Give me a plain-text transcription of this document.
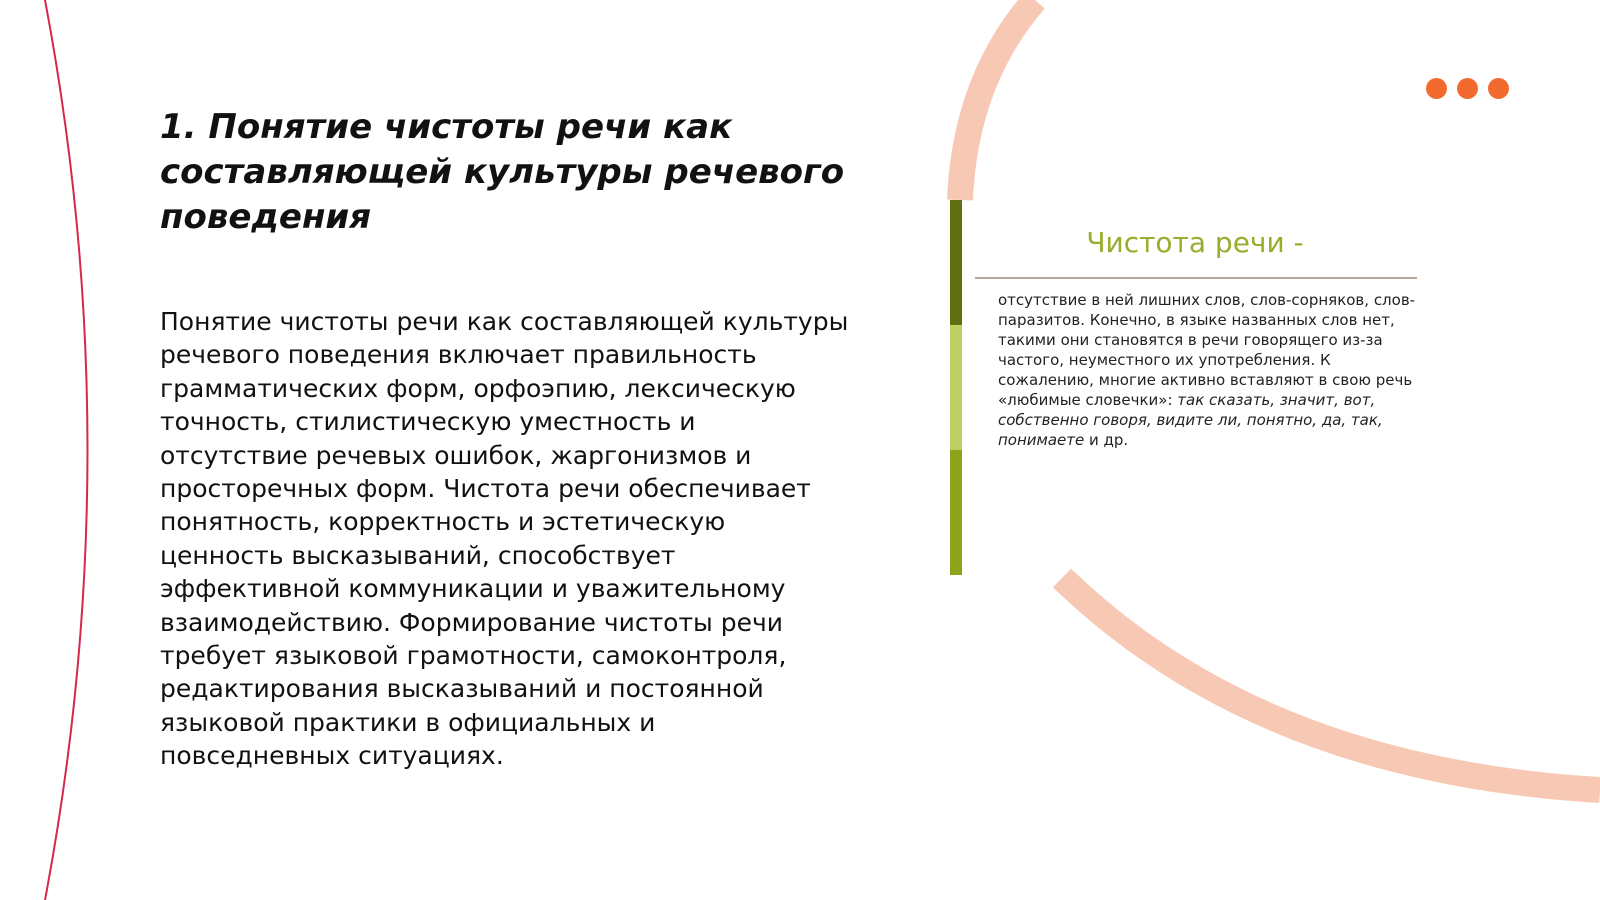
1. Понятие чистоты речи как составляющей культуры речевого поведения

Понятие чистоты речи как составляющей культуры речевого поведения включает правильность грамматических форм, орфоэпию, лексическую точность, стилистическую уместность и отсутствие речевых ошибок, жаргонизмов и просторечных форм. Чистота речи обеспечивает понятность, корректность и эстетическую ценность высказываний, способствует эффективной коммуникации и уважительному взаимодействию. Формирование чистоты речи требует языковой грамотности, самоконтроля, редактирования высказываний и постоянной языковой практики в официальных и повседневных ситуациях.

Чистота речи -

отсутствие в ней лишних слов, слов-сорняков, слов-паразитов. Конечно, в языке названных слов нет, такими они становятся в речи говорящего из-за частого, неуместного их употребления. К сожалению, многие активно вставляют в свою речь «любимые словечки»: так сказать, значит, вот, собственно говоря, видите ли, понятно, да, так, понимаете и др.
